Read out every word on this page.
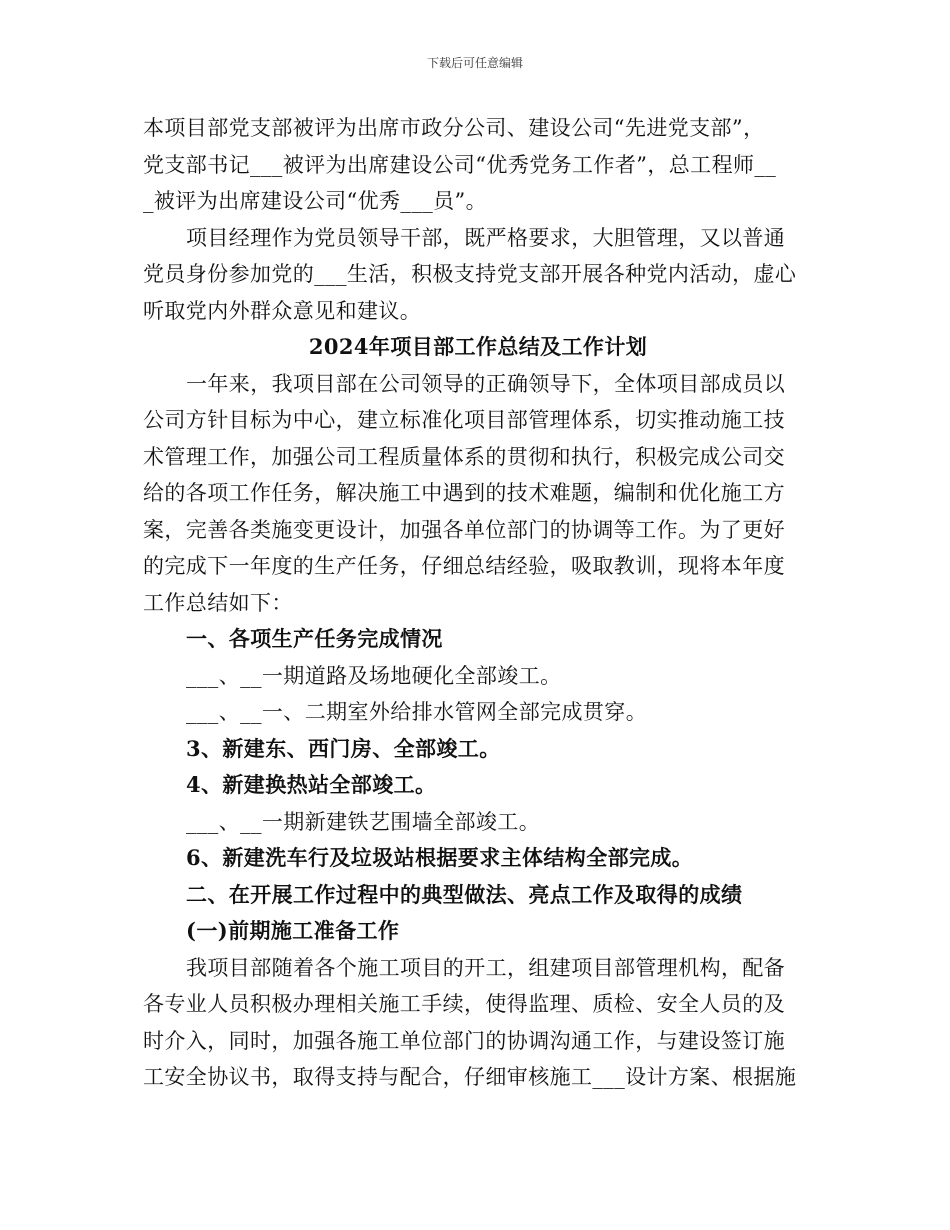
下载后可任意编辑
本项目部党支部被评为出席市政分公司、建设公司“先进党支部”，
党支部书记___被评为出席建设公司“优秀党务工作者”，总工程师__
_被评为出席建设公司“优秀___员”。
项目经理作为党员领导干部，既严格要求，大胆管理，又以普通
党员身份参加党的___生活，积极支持党支部开展各种党内活动，虚心
听取党内外群众意见和建议。
2024年项目部工作总结及工作计划
一年来，我项目部在公司领导的正确领导下，全体项目部成员以
公司方针目标为中心，建立标准化项目部管理体系，切实推动施工技
术管理工作，加强公司工程质量体系的贯彻和执行，积极完成公司交
给的各项工作任务，解决施工中遇到的技术难题，编制和优化施工方
案，完善各类施变更设计，加强各单位部门的协调等工作。为了更好
的完成下一年度的生产任务，仔细总结经验，吸取教训，现将本年度
工作总结如下：
一、各项生产任务完成情况
___、__一期道路及场地硬化全部竣工。
___、__一、二期室外给排水管网全部完成贯穿。
3、新建东、西门房、全部竣工。
4、新建换热站全部竣工。
___、__一期新建铁艺围墙全部竣工。
6、新建洗车行及垃圾站根据要求主体结构全部完成。
二、在开展工作过程中的典型做法、亮点工作及取得的成绩
(一)前期施工准备工作
我项目部随着各个施工项目的开工，组建项目部管理机构，配备
各专业人员积极办理相关施工手续，使得监理、质检、安全人员的及
时介入，同时，加强各施工单位部门的协调沟通工作，与建设签订施
工安全协议书，取得支持与配合，仔细审核施工___设计方案、根据施
